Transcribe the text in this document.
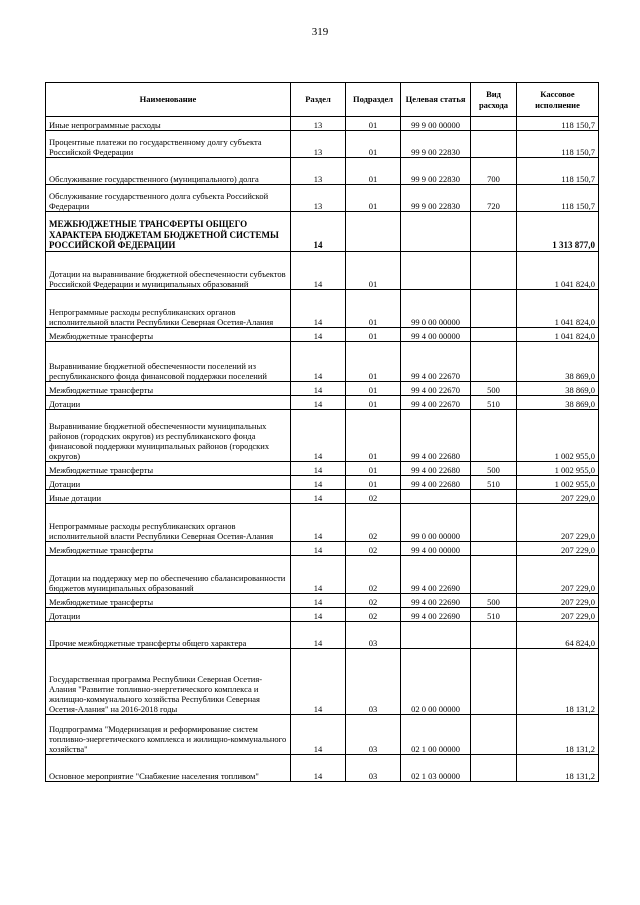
319
Наименование	Раздел	Подраздел	Целевая статья	Вид расхода	Кассовое исполнение
Иные непрограммные расходы	13	01	99 9 00 00000		118 150,7
Процентные платежи по государственному долгу субъекта Российской Федерации	13	01	99 9 00 22830		118 150,7
Обслуживание государственного (муниципального) долга	13	01	99 9 00 22830	700	118 150,7
Обслуживание государственного долга субъекта Российской Федерации	13	01	99 9 00 22830	720	118 150,7
МЕЖБЮДЖЕТНЫЕ ТРАНСФЕРТЫ ОБЩЕГО ХАРАКТЕРА БЮДЖЕТАМ БЮДЖЕТНОЙ СИСТЕМЫ РОССИЙСКОЙ ФЕДЕРАЦИИ	14				1 313 877,0
Дотации на выравнивание бюджетной обеспеченности субъектов Российской Федерации и муниципальных образований	14	01			1 041 824,0
Непрограммные расходы республиканских органов исполнительной власти Республики Северная Осетия-Алания	14	01	99 0 00 00000		1 041 824,0
Межбюджетные трансферты	14	01	99 4 00 00000		1 041 824,0
Выравнивание бюджетной обеспеченности поселений из республиканского фонда финансовой поддержки поселений	14	01	99 4 00 22670		38 869,0
Межбюджетные трансферты	14	01	99 4 00 22670	500	38 869,0
Дотации	14	01	99 4 00 22670	510	38 869,0
Выравнивание бюджетной обеспеченности муниципальных районов (городских округов) из республиканского фонда финансовой поддержки муниципальных районов (городских округов)	14	01	99 4 00 22680		1 002 955,0
Межбюджетные трансферты	14	01	99 4 00 22680	500	1 002 955,0
Дотации	14	01	99 4 00 22680	510	1 002 955,0
Иные дотации	14	02			207 229,0
Непрограммные расходы республиканских органов исполнительной власти Республики Северная Осетия-Алания	14	02	99 0 00 00000		207 229,0
Межбюджетные трансферты	14	02	99 4 00 00000		207 229,0
Дотации на поддержку мер по обеспечению сбалансированности бюджетов муниципальных образований	14	02	99 4 00 22690		207 229,0
Межбюджетные трансферты	14	02	99 4 00 22690	500	207 229,0
Дотации	14	02	99 4 00 22690	510	207 229,0
Прочие межбюджетные трансферты общего характера	14	03			64 824,0
Государственная программа Республики Северная Осетия-Алания "Развитие топливно-энергетического комплекса и жилищно-коммунального хозяйства Республики Северная Осетия-Алания" на 2016-2018 годы	14	03	02 0 00 00000		18 131,2
Подпрограмма "Модернизация и реформирование систем топливно-энергетического комплекса и жилищно-коммунального хозяйства"	14	03	02 1 00 00000		18 131,2
Основное мероприятие "Снабжение населения топливом"	14	03	02 1 03 00000		18 131,2
